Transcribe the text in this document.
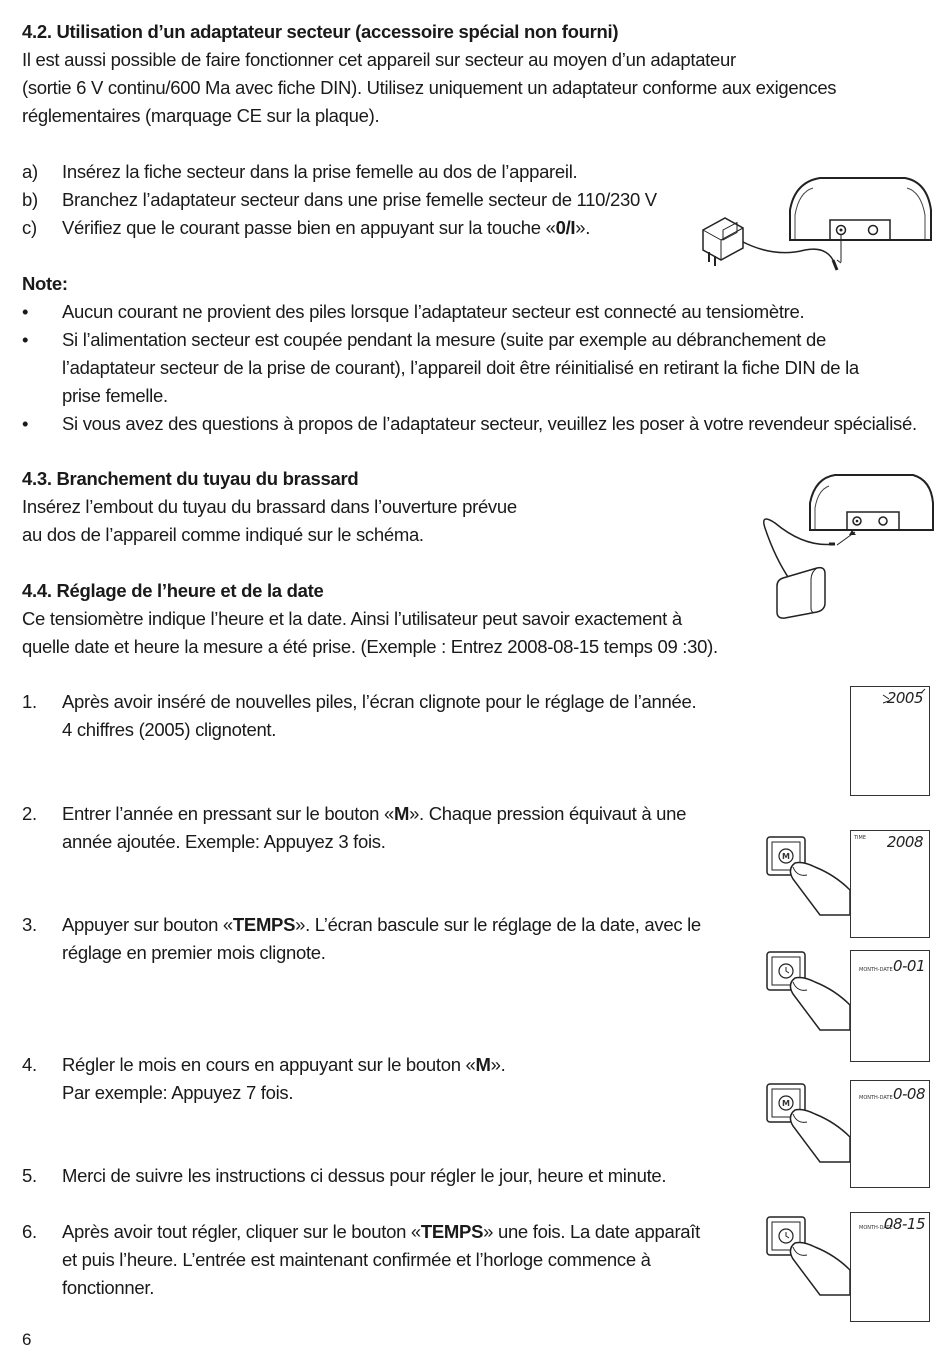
4.2. Utilisation d’un adaptateur secteur (accessoire spécial non fourni)
Il est aussi possible de faire fonctionner cet appareil sur secteur au moyen d’un adaptateur
(sortie 6 V continu/600 Ma avec fiche DIN). Utilisez uniquement un adaptateur conforme aux exigences
réglementaires (marquage CE sur la plaque).
a)	Insérez la fiche secteur dans la prise femelle au dos de l’appareil.
b)	Branchez l’adaptateur secteur dans une prise femelle secteur de 110/230 V
c)	Vérifiez que le courant passe bien en appuyant sur la touche «0/I».
Note:
•	Aucun courant ne provient des piles lorsque l’adaptateur secteur est connecté au tensiomètre.
•	Si l’alimentation secteur est coupée pendant la mesure (suite par exemple au débranchement de
l’adaptateur secteur de la prise de courant), l’appareil doit être réinitialisé en retirant la fiche DIN de la
prise femelle.
•	Si vous avez des questions à propos de l’adaptateur secteur, veuillez les poser à votre revendeur spécialisé.
4.3. Branchement du tuyau du brassard
Insérez l’embout du tuyau du brassard dans l’ouverture prévue
au dos de l’appareil comme indiqué sur le schéma.
4.4. Réglage de l’heure et de la date
Ce tensiomètre indique l’heure et la date. Ainsi l’utilisateur peut savoir exactement à
quelle date et heure la mesure a été prise. (Exemple : Entrez 2008-08-15 temps 09 :30).
1.	Après avoir inséré de nouvelles piles, l’écran clignote pour le réglage de l’année.
4 chiffres (2005) clignotent.
2.	Entrer l’année en pressant sur le bouton «M». Chaque pression équivaut à une
année ajoutée. Exemple: Appuyez 3 fois.
3.	Appuyer sur bouton «TEMPS». L’écran bascule sur le réglage de la date, avec le
réglage en premier mois clignote.
4.	Régler le mois en cours en appuyant sur le bouton «M».
Par exemple: Appuyez 7 fois.
5.	Merci de suivre les instructions ci dessus pour régler le jour, heure et minute.
6.	Après avoir tout régler, cliquer sur le bouton «TEMPS» une fois. La date apparaît
et puis l’heure. L’entrée est maintenant confirmée et l’horloge commence à
fonctionner.
2005
M
TIME 2008
MONTH-DATE 0-01
M
MONTH-DATE 0-08
MONTH-DATE
08-15
6
